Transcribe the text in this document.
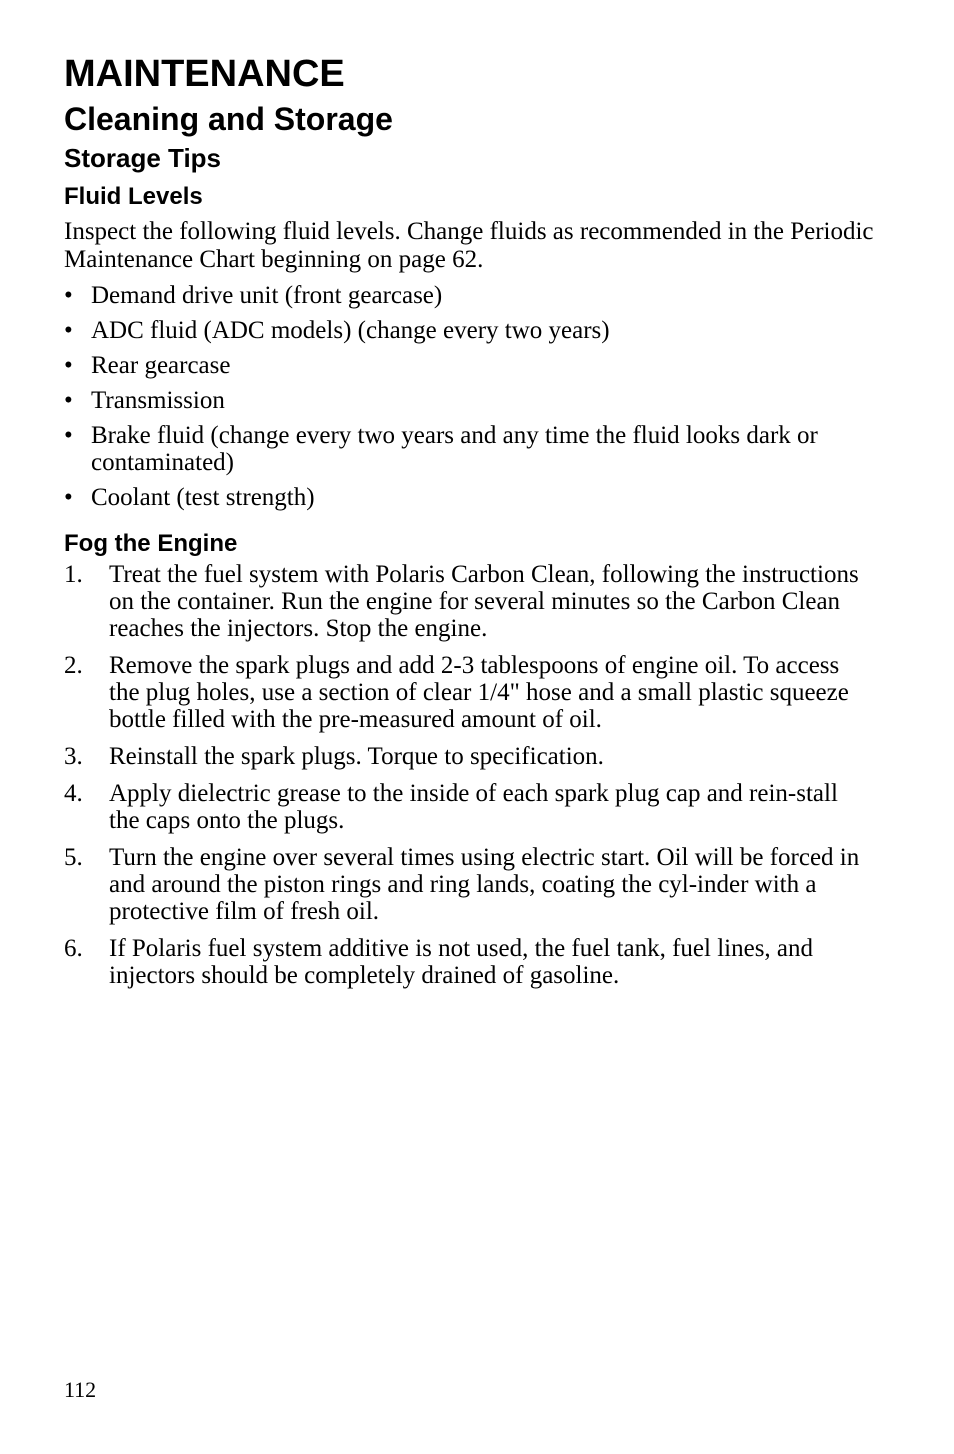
MAINTENANCE
Cleaning and Storage
Storage Tips
Fluid Levels

Inspect the following fluid levels. Change fluids as recommended in the Periodic Maintenance Chart beginning on page 62.

• Demand drive unit (front gearcase)
• ADC fluid (ADC models) (change every two years)
• Rear gearcase
• Transmission
• Brake fluid (change every two years and any time the fluid looks dark or contaminated)
• Coolant (test strength)
Fog the Engine
1. Treat the fuel system with Polaris Carbon Clean, following the instructions on the container. Run the engine for several minutes so the Carbon Clean reaches the injectors. Stop the engine.
2. Remove the spark plugs and add 2-3 tablespoons of engine oil. To access the plug holes, use a section of clear 1/4" hose and a small plastic squeeze bottle filled with the pre-measured amount of oil.
3. Reinstall the spark plugs. Torque to specification.
4. Apply dielectric grease to the inside of each spark plug cap and rein-stall the caps onto the plugs.
5. Turn the engine over several times using electric start. Oil will be forced in and around the piston rings and ring lands, coating the cyl-inder with a protective film of fresh oil.
6. If Polaris fuel system additive is not used, the fuel tank, fuel lines, and injectors should be completely drained of gasoline.
112
